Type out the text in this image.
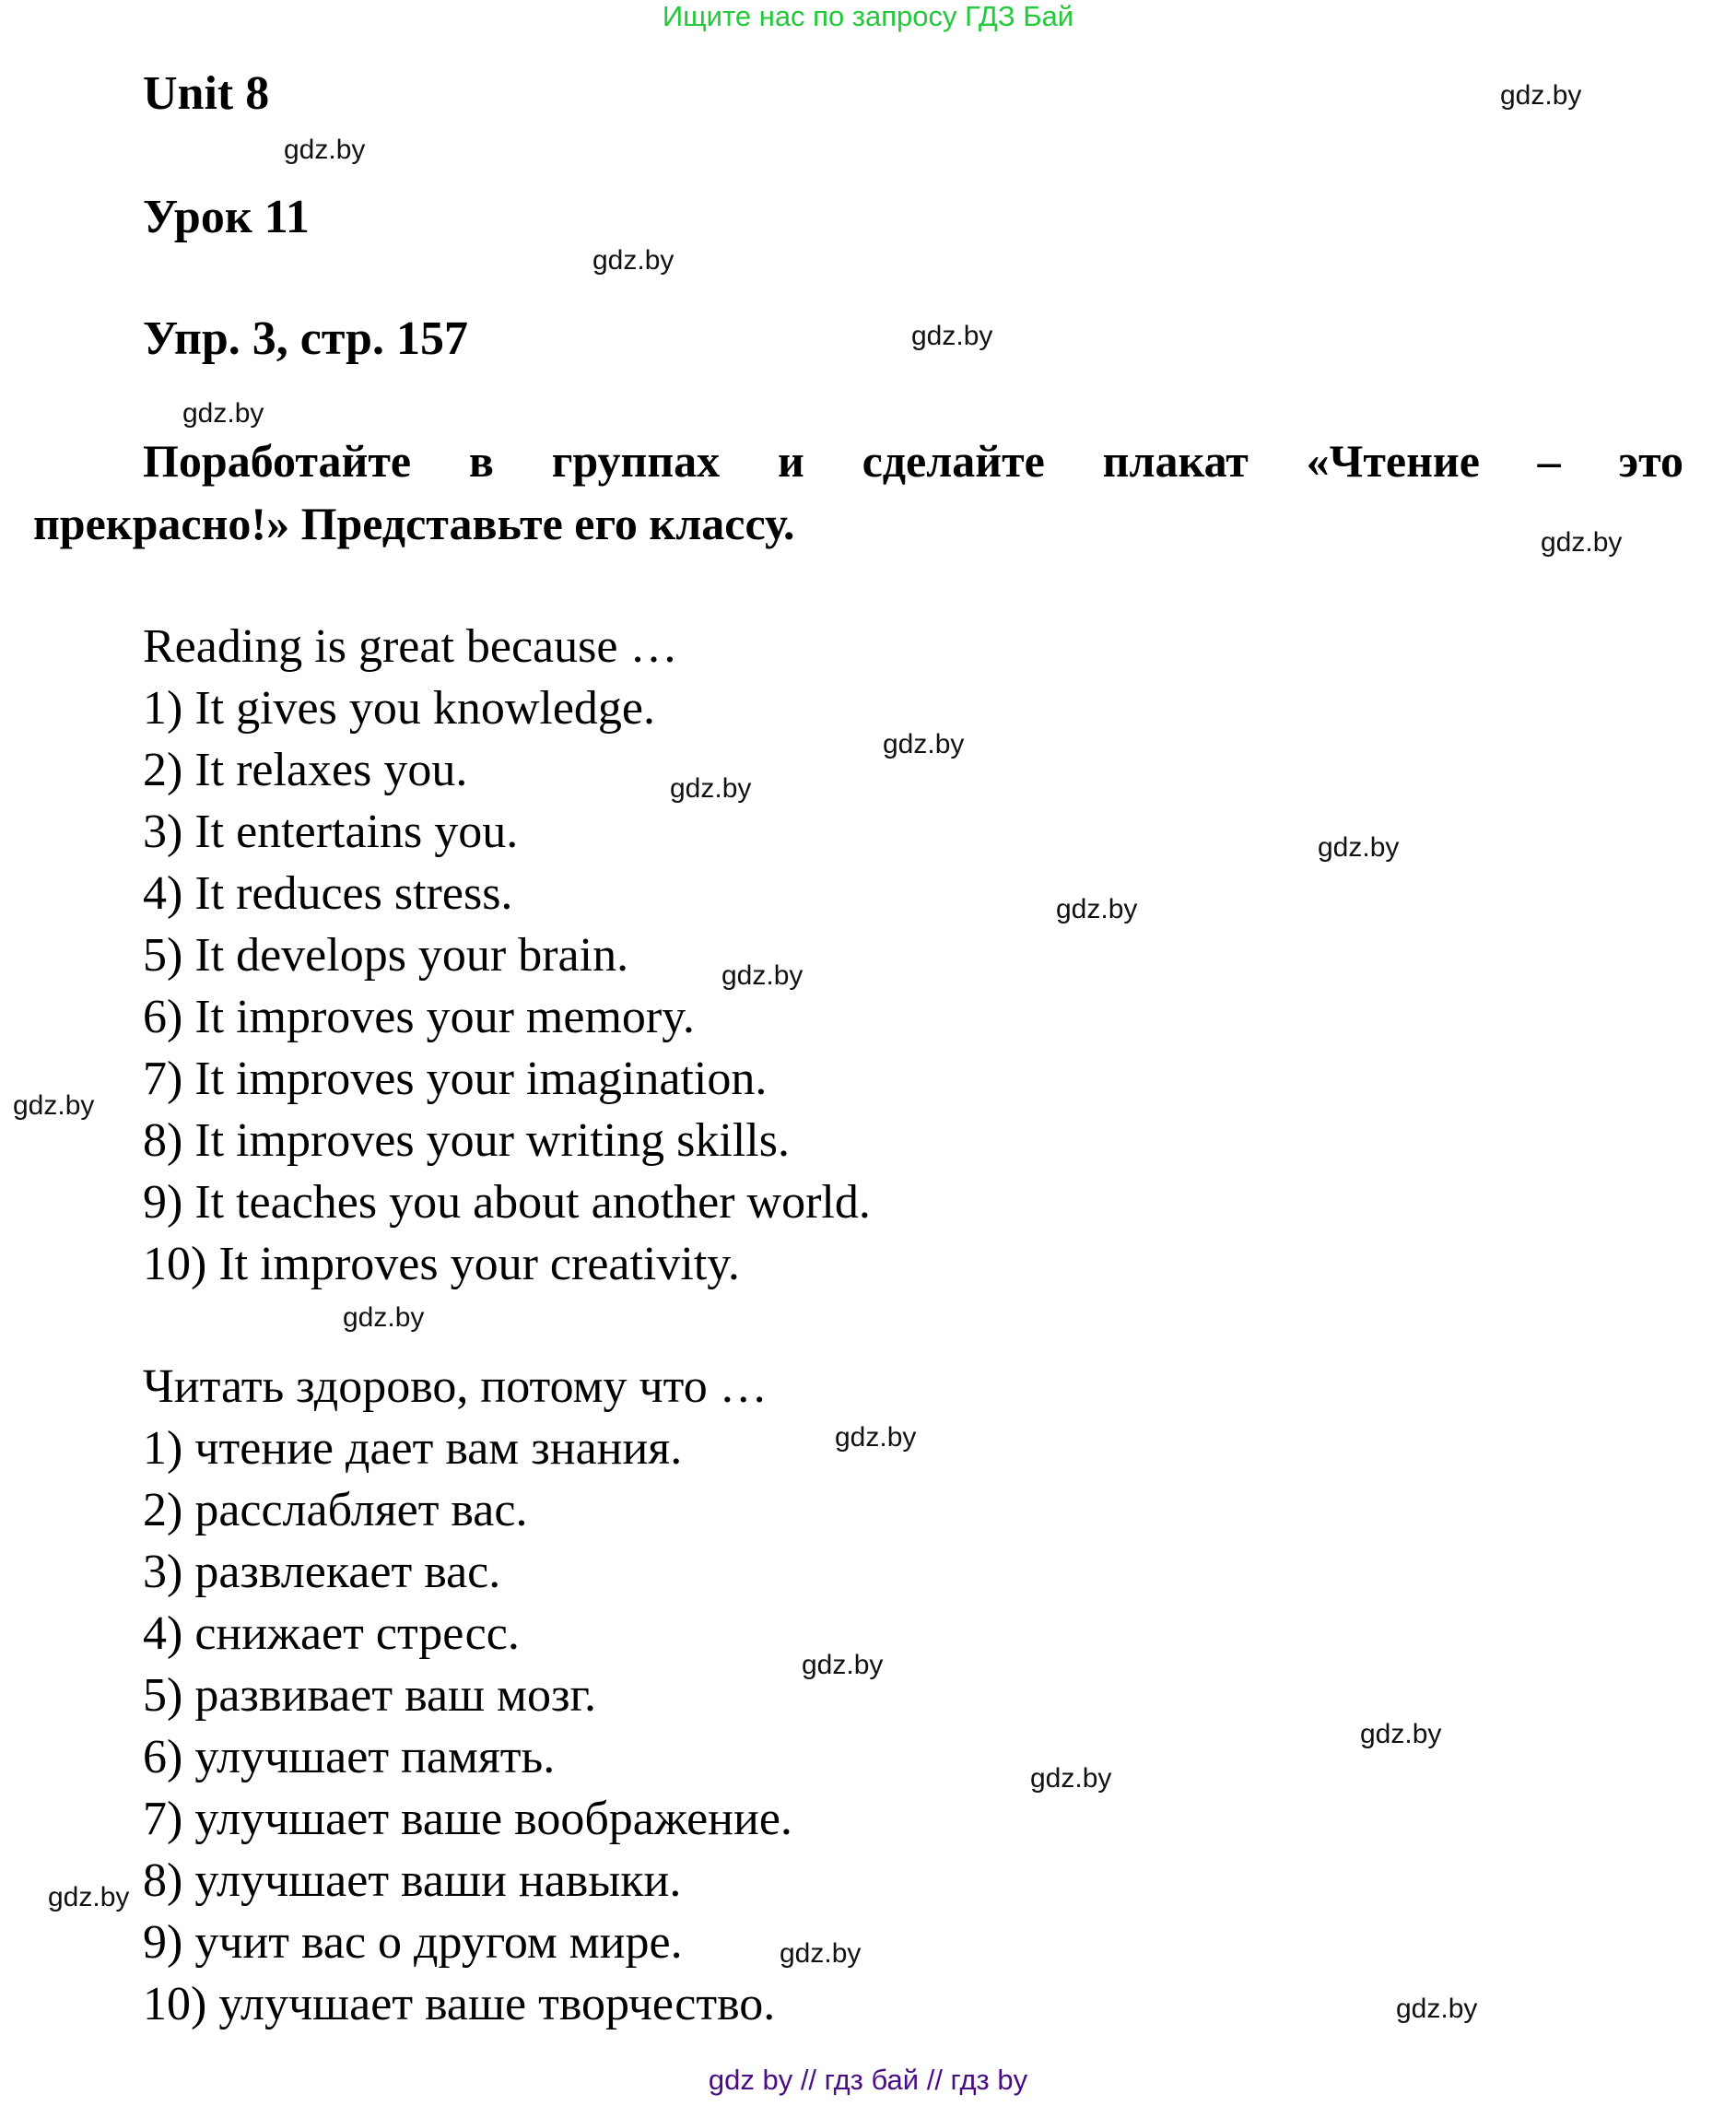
Ищите нас по запросу ГДЗ Бай
Unit 8
Урок 11
Упр. 3, стр. 157
Поработайте в группах и сделайте плакат «Чтение – это
прекрасно!» Представьте его классу.
Reading is great because …
1) It gives you knowledge.
2) It relaxes you.
3) It entertains you.
4) It reduces stress.
5) It develops your brain.
6) It improves your memory.
7) It improves your imagination.
8) It improves your writing skills.
9) It teaches you about another world.
10) It improves your creativity.
Читать здорово, потому что …
1) чтение дает вам знания.
2) расслабляет вас.
3) развлекает вас.
4) снижает стресс.
5) развивает ваш мозг.
6) улучшает память.
7) улучшает ваше воображение.
8) улучшает ваши навыки.
9) учит вас о другом мире.
10) улучшает ваше творчество.
gdz.by
gdz.by
gdz.by
gdz.by
gdz.by
gdz.by
gdz.by
gdz.by
gdz.by
gdz.by
gdz.by
gdz.by
gdz.by
gdz.by
gdz.by
gdz.by
gdz.by
gdz.by
gdz.by
gdz.by
gdz by // гдз бай // гдз by
